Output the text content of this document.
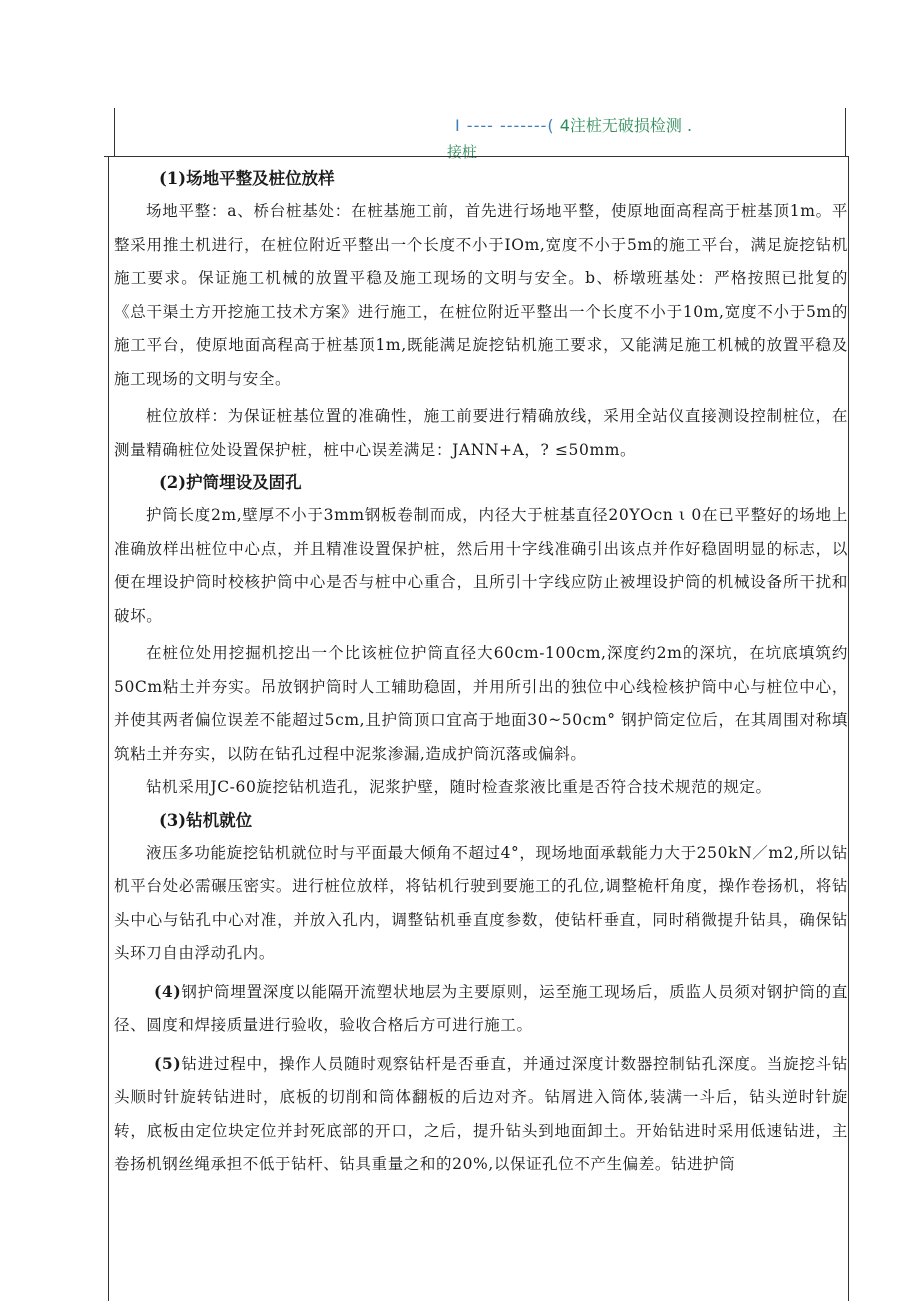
I ---- -------( 4注桩无破损检测 .
接桩
(1)场地平整及桩位放样

场地平整：a、桥台桩基处：在桩基施工前，首先进行场地平整，使原地面高程高于桩基顶1m。平整采用推土机进行，在桩位附近平整出一个长度不小于IOm,宽度不小于5m的施工平台，满足旋挖钻机施工要求。保证施工机械的放置平稳及施工现场的文明与安全。b、桥墩班基处：严格按照已批复的《总干渠土方开挖施工技术方案》进行施工，在桩位附近平整出一个长度不小于10m,宽度不小于5m的施工平台，使原地面高程高于桩基顶1m,既能满足旋挖钻机施工要求，又能满足施工机械的放置平稳及施工现场的文明与安全。

桩位放样：为保证桩基位置的准确性，施工前要进行精确放线，采用全站仪直接测设控制桩位，在测量精确桩位处设置保护桩，桩中心误差满足：JANN+A，? ≤50mm。

(2)护筒埋设及固孔

护筒长度2m,壁厚不小于3mm钢板卷制而成，内径大于桩基直径20YOcn ι 0在已平整好的场地上准确放样出桩位中心点，并且精准设置保护桩，然后用十字线准确引出该点并作好稳固明显的标志，以便在埋设护筒时校核护筒中心是否与桩中心重合，且所引十字线应防止被埋设护筒的机械设备所干扰和破坏。

在桩位处用挖掘机挖出一个比该桩位护筒直径大60cm-100cm,深度约2m的深坑，在坑底填筑约50Cm粘土并夯实。吊放钢护筒时人工辅助稳固，并用所引出的独位中心线检核护筒中心与桩位中心，并使其两者偏位误差不能超过5cm,且护筒顶口宜高于地面30~50cm° 钢护筒定位后，在其周围对称填筑粘土并夯实，以防在钻孔过程中泥浆渗漏,造成护筒沉落或偏斜。

钻机采用JC-60旋挖钻机造孔，泥浆护壁，随时检查浆液比重是否符合技术规范的规定。

(3)钻机就位

液压多功能旋挖钻机就位时与平面最大倾角不超过4°，现场地面承载能力大于250kN／m2,所以钻机平台处必需碾压密实。进行桩位放样，将钻机行驶到要施工的孔位,调整桅杆角度，操作卷扬机，将钻头中心与钻孔中心对准，并放入孔内，调整钻机垂直度参数，使钻杆垂直，同时稍微提升钻具，确保钻头环刀自由浮动孔内。

(4)钢护筒埋置深度以能隔开流塑状地层为主要原则，运至施工现场后，质监人员须对钢护筒的直径、圆度和焊接质量进行验收，验收合格后方可进行施工。

(5)钻进过程中，操作人员随时观察钻杆是否垂直，并通过深度计数器控制钻孔深度。当旋挖斗钻头顺时针旋转钻进时，底板的切削和筒体翻板的后边对齐。钻屑进入筒体,装满一斗后，钻头逆时针旋转，底板由定位块定位并封死底部的开口，之后，提升钻头到地面卸土。开始钻进时采用低速钻进，主卷扬机钢丝绳承担不低于钻杆、钻具重量之和的20%,以保证孔位不产生偏差。钻进护筒
